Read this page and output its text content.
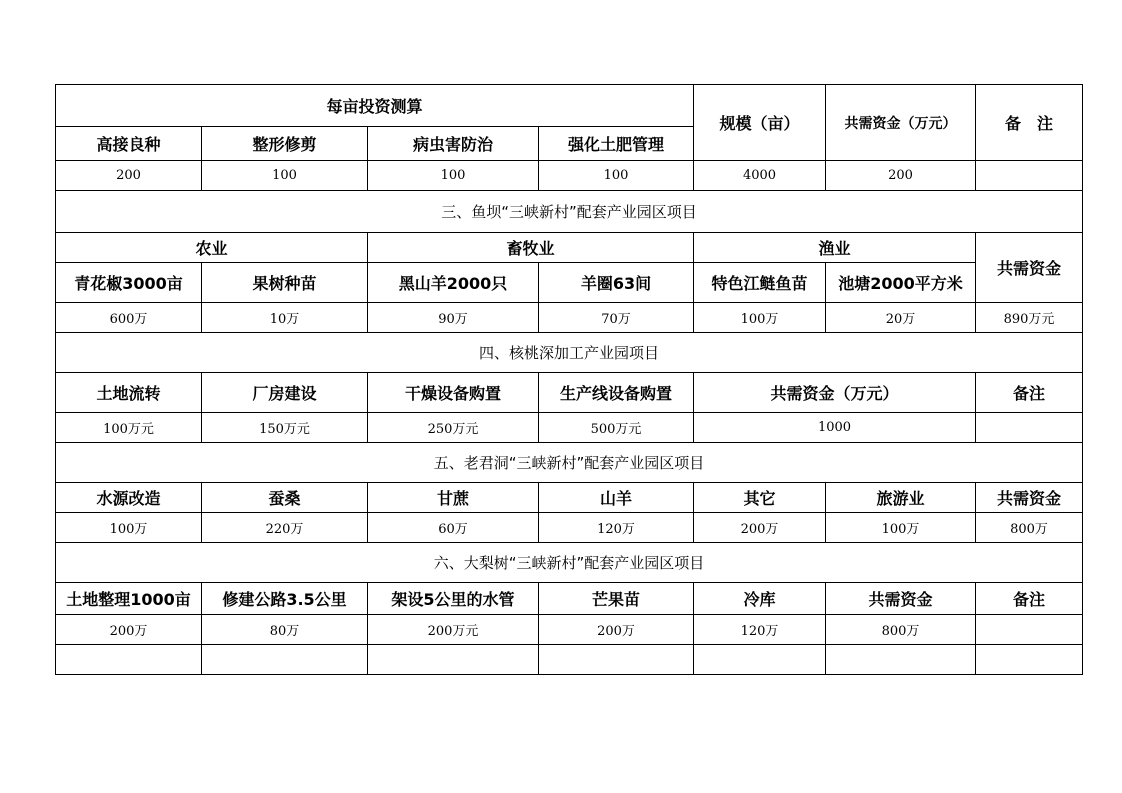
每亩投资测算				规模（亩）	共需资金（万元）	备　注
高接良种	整形修剪	病虫害防治	强化土肥管理			
200	100	100	100	4000	200	
三、鱼坝“三峡新村”配套产业园区项目						
农业		畜牧业		渔业		共需资金
青花椒3000亩	果树种苗	黑山羊2000只	羊圈63间	特色江鲢鱼苗	池塘2000平方米	
600万	10万	90万	70万	100万	20万	890万元
四、核桃深加工产业园项目						
土地流转	厂房建设	干燥设备购置	生产线设备购置	共需资金（万元）		备注
100万元	150万元	250万元	500万元	1000		
五、老君洞“三峡新村”配套产业园区项目						
水源改造	蚕桑	甘蔗	山羊	其它	旅游业	共需资金
100万	220万	60万	120万	200万	100万	800万
六、大梨树“三峡新村”配套产业园区项目						
土地整理1000亩	修建公路3.5公里	架设5公里的水管	芒果苗	冷库	共需资金	备注
200万	80万	200万元	200万	120万	800万	
